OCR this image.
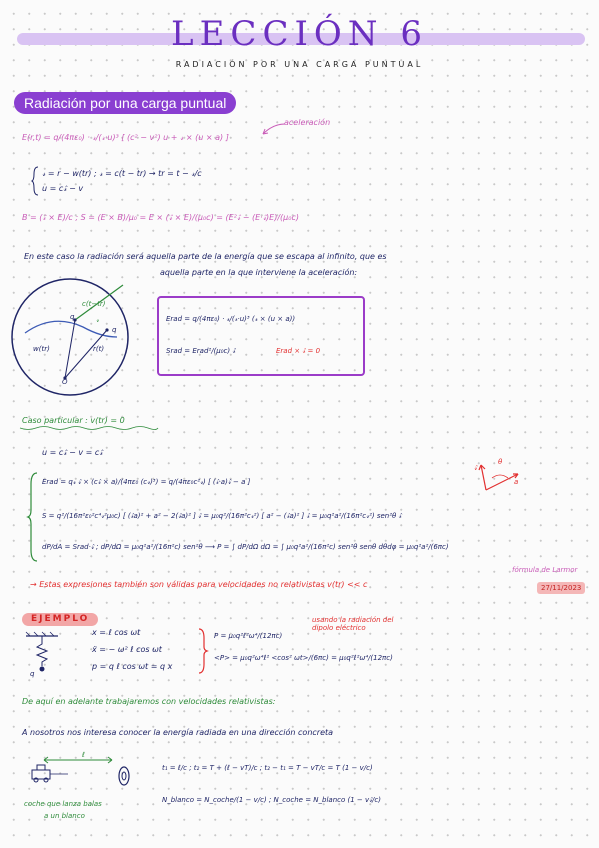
LECCIÓN 6
RADIACIÓN POR UNA CARGA PUNTUAL
Radiación por una carga puntual
E(r,t) = q/(4πε₀) · 𝓇/(𝓇·u)³ [ (c² − v²) u + 𝓇 × (u × a) ]
aceleración
𝓇 = r − w(tr) ; 𝓇 = c(t − tr) → tr = t − 𝓇/c
u = c𝓇̂ − v
B = (𝓇̂ × E)/c ; S = (E × B)/μ₀ = E × (𝓇̂ × E)/(μ₀c) = (E²𝓇̂ − (E·𝓇̂)E)/(μ₀c)
En este caso la radiación será aquella parte de la energía que se escapa al infinito, que es
aquella parte en la que interviene la aceleración:
q
q
c(t−tr)
w(tr)	r(t)
O
𝓇	Erad = q/(4πε₀) · 𝓇/(𝓇·u)³ (𝓇 × (u × a))
Srad = Erad²/(μ₀c) 𝓇̂	Erad × 𝓇̂ = 0
Caso particular : v(tr) = 0
u = c𝓇̂ − v = c𝓇̂
Erad = q𝓇 𝓇̂ × (c𝓇̂ × a)/(4πε₀ (c𝓇)³) = q/(4πε₀c²𝓇) [ (𝓇̂·a)𝓇̂ − a ]
S = q²/(16π²ε₀²c⁴𝓇²μ₀c) [ (𝓇̂a)² + a² − 2(𝓇̂a)² ] 𝓇̂ = μ₀q²/(16π²c𝓇²) [ a² − (𝓇̂a)² ] 𝓇̂ = μ₀q²a²/(16π²c𝓇²) sen²θ 𝓇̂
dP/dA = Srad·𝓇̂ ; dP/dΩ = μ₀q²a²/(16π²c) sen²θ ⟶ P = ∫ dP/dΩ dΩ = ∫ μ₀q²a²/(16π²c) sen²θ senθ dθdφ = μ₀q²a²/(6πc)
fórmula de Larmor
𝓇̂
θ
a
→ Estas expresiones también son válidas para velocidades no relativistas v(tr) << c	27/11/2023
EJEMPLO
q
x = ℓ cos ωt
ẍ = − ω² ℓ cos ωt
p = q ℓ cos ωt = q x
P = μ₀q²ℓ²ω⁴/(12πc)
<P> = μ₀q²ω⁴ℓ² <cos² ωt>/(6πc) = μ₀q²ℓ²ω⁴/(12πc)
usando la radiación del dipolo eléctrico
De aquí en adelante trabajaremos con velocidades relativistas:
A nosotros nos interesa conocer la energía radiada en una dirección concreta
ℓ
coche que lanza balas
a un blanco
t₁ = ℓ/c ; t₂ = T + (ℓ − vT)/c ; t₂ − t₁ = T − vT/c = T (1 − v/c)
N_blanco = N_coche/(1 − v/c) ; N_coche = N_blanco (1 − v𝓇̂/c)
